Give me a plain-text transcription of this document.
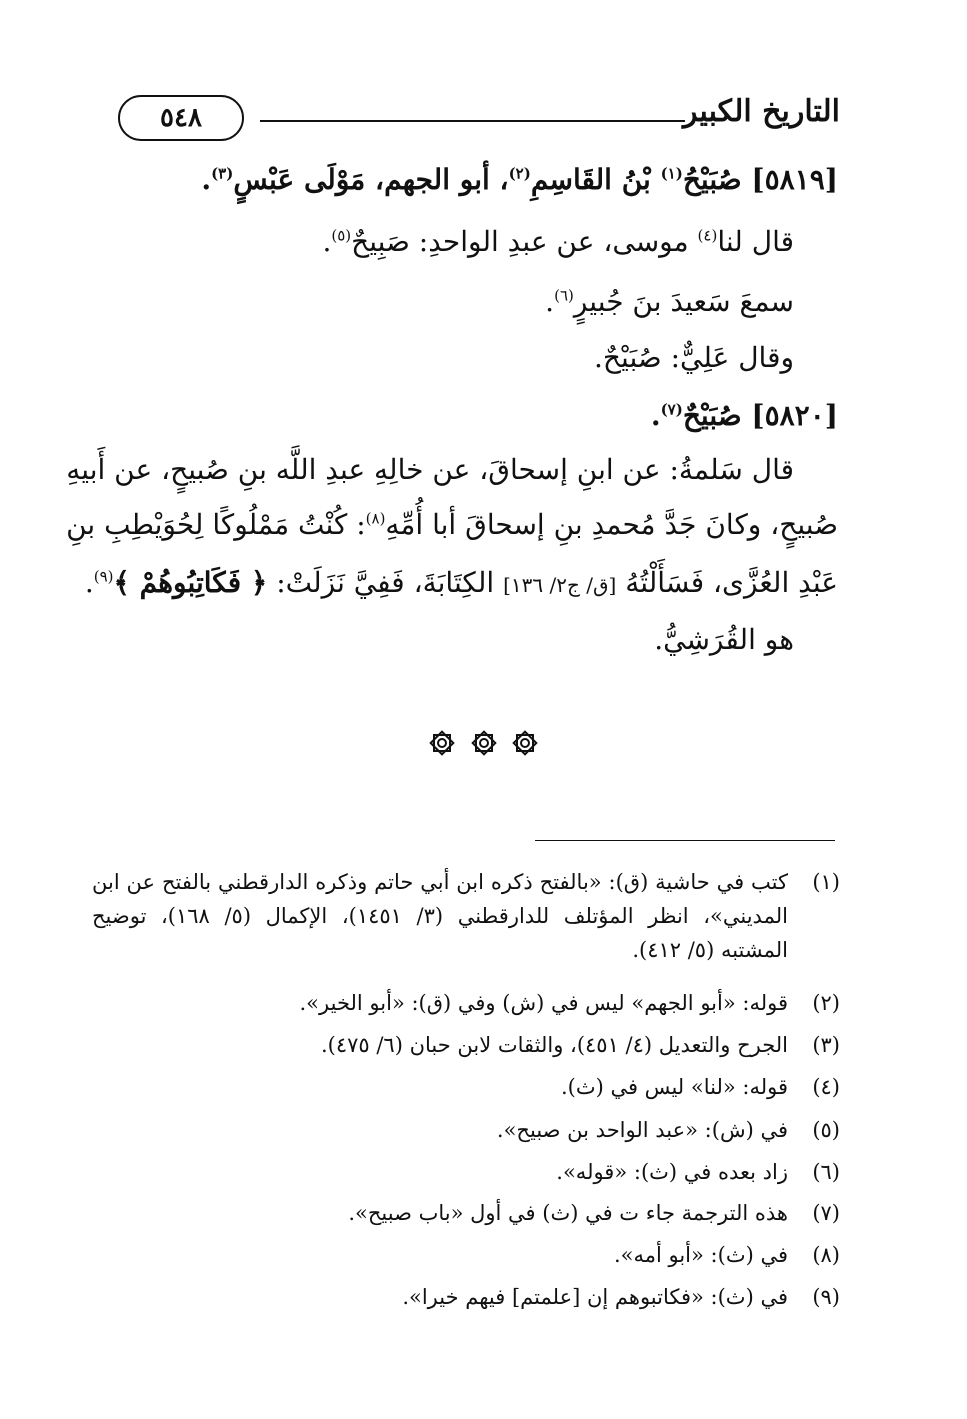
٥٤٨	التاريخ الكبير
[٥٨١٩] صُبَيْحُ$^{(١)}$ بْنُ القَاسِمِ$^{(٢)}$، أبو الجهم، مَوْلَى عَبْسٍ$^{(٣)}$.
قال لنا$^{(٤)}$ موسى، عن عبدِ الواحدِ: صَبِيحٌ$^{(٥)}$.
سمعَ سَعيدَ بنَ جُبيرٍ$^{(٦)}$.
وقال عَلِيٌّ: صُبَيْحٌ.
[٥٨٢٠] صُبَيْحٌ$^{(٧)}$.
قال سَلمةُ: عن ابنِ إسحاقَ، عن خالِهِ عبدِ اللَّه بنِ صُبيحٍ، عن أَبيهِ
صُبيحٍ، وكانَ جَدَّ مُحمدِ بنِ إسحاقَ أبا أُمِّهِ$^{(٨)}$: كُنْتُ مَمْلُوكًا لِحُوَيْطِبِ بنِ
عَبْدِ العُزَّى، فَسَأَلْتُهُ [ق/ ج٢/ ١٣٦] الكِتَابَةَ، فَفِيَّ نَزَلَتْ: ﴿ فَكَاتِبُوهُمْ ﴾$^{(٩)}$.
هو القُرَشِيُّ.

(١)
كتب في حاشية (ق): «بالفتح ذكره ابن أبي حاتم وذكره الدارقطني بالفتح عن ابن المديني»، انظر المؤتلف للدارقطني (٣/ ١٤٥١)، الإكمال (٥/ ١٦٨)، توضيح المشتبه (٥/ ٤١٢).
(٢)
قوله: «أبو الجهم» ليس في (ش) وفي (ق): «أبو الخير».
(٣)
الجرح والتعديل (٤/ ٤٥١)، والثقات لابن حبان (٦/ ٤٧٥).
(٤)
قوله: «لنا» ليس في (ث).
(٥)
في (ش): «عبد الواحد بن صبيح».
(٦)
زاد بعده في (ث): «قوله».
(٧)
هذه الترجمة جاء ت في (ث) في أول «باب صبيح».
(٨)
في (ث): «أبو أمه».
(٩)
في (ث): «فكاتبوهم إن [علمتم] فيهم خيرا».
